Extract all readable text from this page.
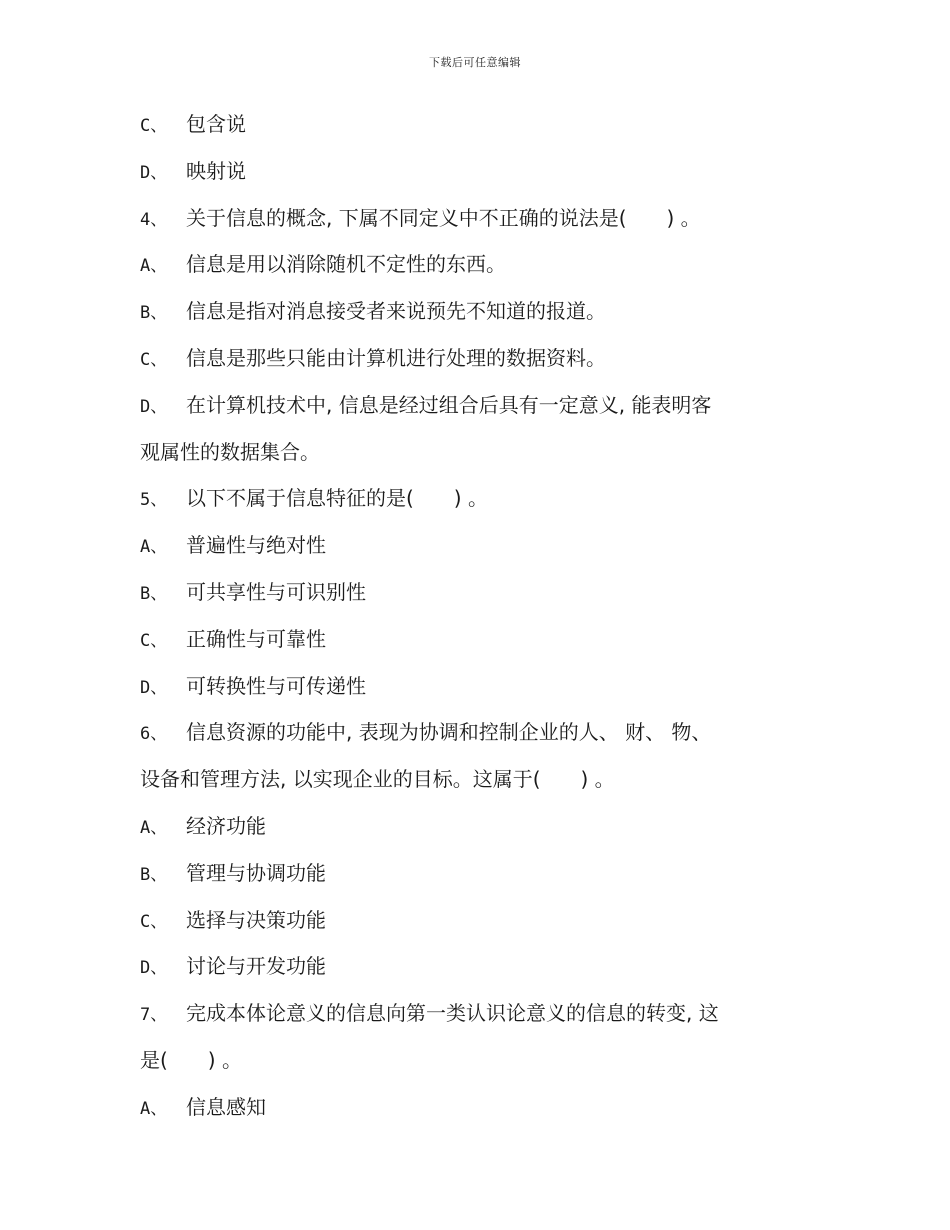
下载后可任意编辑
C、 包含说
D、 映射说
4、 关于信息的概念, 下属不同定义中不正确的说法是(　　) 。
A、 信息是用以消除随机不定性的东西。
B、 信息是指对消息接受者来说预先不知道的报道。
C、 信息是那些只能由计算机进行处理的数据资料。
D、 在计算机技术中, 信息是经过组合后具有一定意义, 能表明客
观属性的数据集合。
5、 以下不属于信息特征的是(　　) 。
A、 普遍性与绝对性
B、 可共享性与可识别性
C、 正确性与可靠性
D、 可转换性与可传递性
6、 信息资源的功能中, 表现为协调和控制企业的人、 财、 物、
设备和管理方法, 以实现企业的目标。这属于(　　) 。
A、 经济功能
B、 管理与协调功能
C、 选择与决策功能
D、 讨论与开发功能
7、 完成本体论意义的信息向第一类认识论意义的信息的转变, 这
是(　　) 。
A、 信息感知
